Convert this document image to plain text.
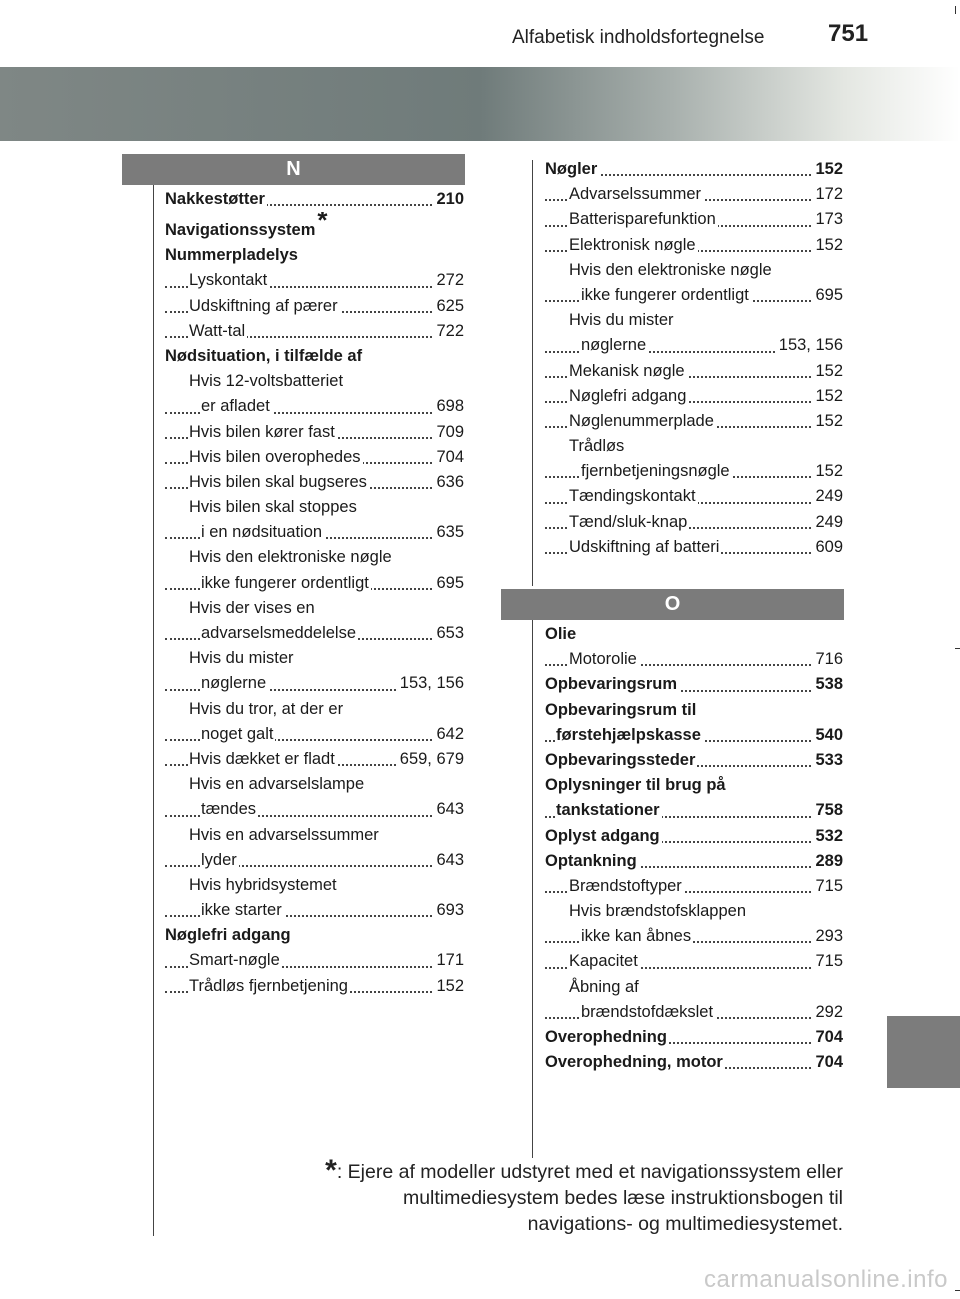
Alfabetisk indholdsfortegnelse	751
N
O
Nakkestøtter	210
Navigationssystem*
Nummerpladelys
Lyskontakt	272
Udskiftning af pærer	625
Watt-tal	722
Nødsituation, i tilfælde af
Hvis 12-voltsbatteriet
er afladet	698
Hvis bilen kører fast	709
Hvis bilen overophedes	704
Hvis bilen skal bugseres	636
Hvis bilen skal stoppes
i en nødsituation	635
Hvis den elektroniske nøgle
ikke fungerer ordentligt	695
Hvis der vises en
advarselsmeddelelse	653
Hvis du mister
nøglerne	153, 156
Hvis du tror, at der er
noget galt	642
Hvis dækket er fladt	659, 679
Hvis en advarselslampe
tændes	643
Hvis en advarselssummer
lyder	643
Hvis hybridsystemet
ikke starter	693
Nøglefri adgang
Smart-nøgle	171
Trådløs fjernbetjening	152
Nøgler	152
Advarselssummer	172
Batterisparefunktion	173
Elektronisk nøgle	152
Hvis den elektroniske nøgle
ikke fungerer ordentligt	695
Hvis du mister
nøglerne	153, 156
Mekanisk nøgle	152
Nøglefri adgang	152
Nøglenummerplade	152
Trådløs
fjernbetjeningsnøgle	152
Tændingskontakt	249
Tænd/sluk-knap	249
Udskiftning af batteri	609
Olie
Motorolie	716
Opbevaringsrum	538
Opbevaringsrum til
førstehjælpskasse	540
Opbevaringssteder	533
Oplysninger til brug på
tankstationer	758
Oplyst adgang	532
Optankning	289
Brændstoftyper	715
Hvis brændstofsklappen
ikke kan åbnes	293
Kapacitet	715
Åbning af
brændstofdækslet	292
Overophedning	704
Overophedning, motor	704
*: Ejere af modeller udstyret med et navigationssystem eller
multimediesystem bedes læse instruktionsbogen til
navigations- og multimediesystemet.
carmanualsonline.info
